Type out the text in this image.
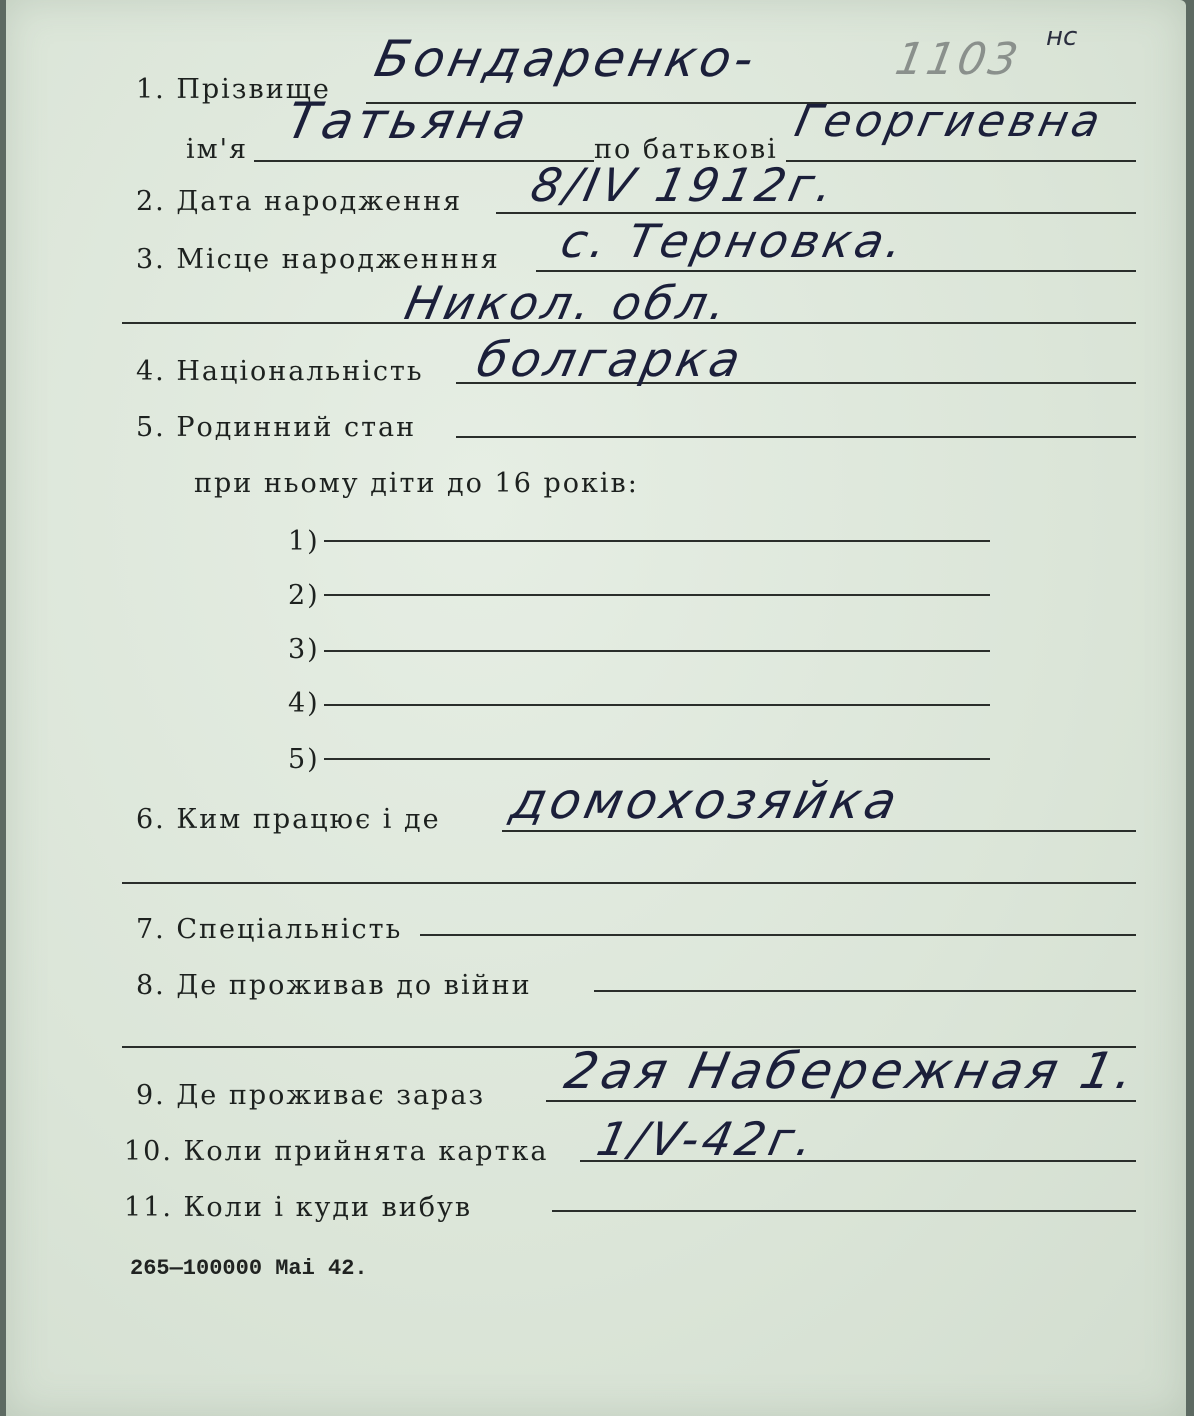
1. Прізвище
Бондаренко-	1103 нс
ім'я Татьяна по батькові
Георгиевна
2. Дата народження 8/IV 1912г.
3. Місце народженння с. Терновка.
Никол. обл.
4. Національність болгарка
5. Родинний стан
при ньому діти до 16 років:
1)
2)
3)
4)
5)
6. Ким працює і де домохозяйка
7. Спеціальність
8. Де проживав до війни
9. Де проживає зараз 2ая Набережная 1.
10. Коли прийнята картка 1/V-42г.
11. Коли і куди вибув
265—100000 Mai 42.
